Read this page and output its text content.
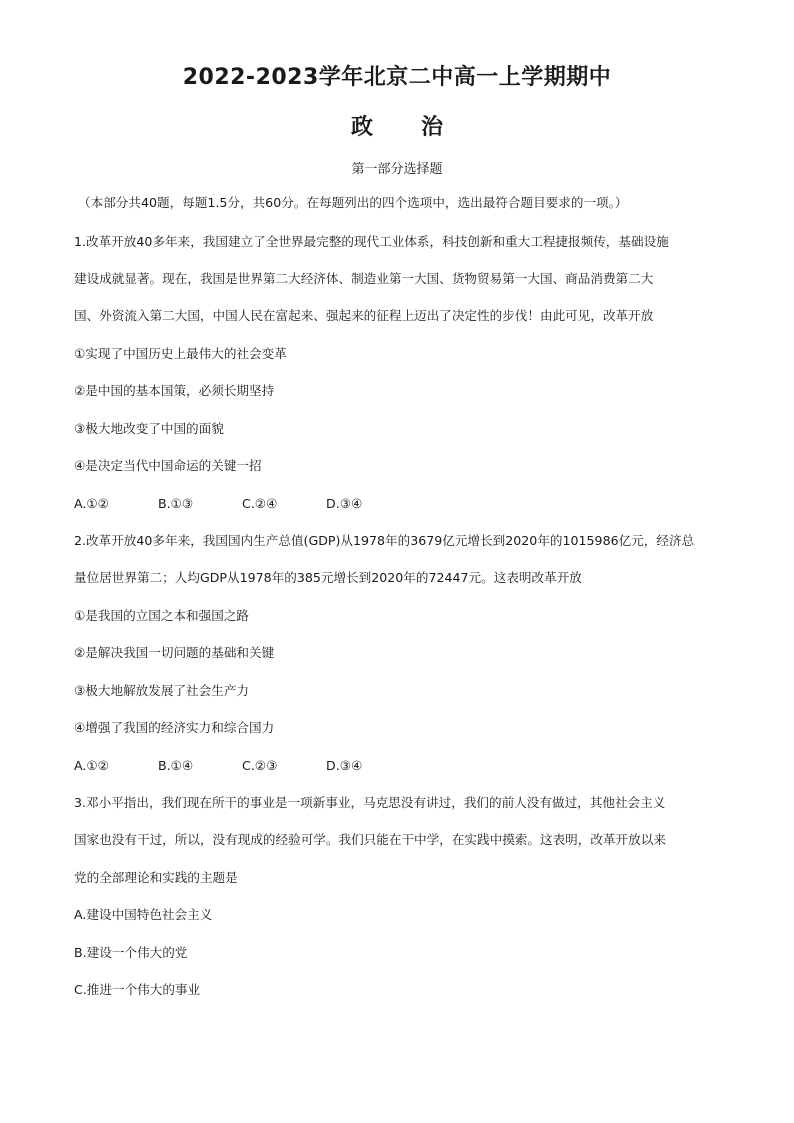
2022-2023学年北京二中高一上学期期中
政治
第一部分选择题
（本部分共40题，每题1.5分，共60分。在每题列出的四个选项中，选出最符合题目要求的一项。）
1.改革开放40多年来，我国建立了全世界最完整的现代工业体系，科技创新和重大工程捷报频传，基础设施
建设成就显著。现在，我国是世界第二大经济体、制造业第一大国、货物贸易第一大国、商品消费第二大
国、外资流入第二大国，中国人民在富起来、强起来的征程上迈出了决定性的步伐！由此可见，改革开放
①实现了中国历史上最伟大的社会变革
②是中国的基本国策，必须长期坚持
③极大地改变了中国的面貌
④是决定当代中国命运的关键一招
A.①②	B.①③	C.②④	D.③④
2.改革开放40多年来，我国国内生产总值(GDP)从1978年的3679亿元增长到2020年的1015986亿元，经济总
量位居世界第二；人均GDP从1978年的385元增长到2020年的72447元。这表明改革开放
①是我国的立国之本和强国之路
②是解决我国一切问题的基础和关键
③极大地解放发展了社会生产力
④增强了我国的经济实力和综合国力
A.①②	B.①④	C.②③	D.③④
3.邓小平指出，我们现在所干的事业是一项新事业，马克思没有讲过，我们的前人没有做过，其他社会主义
国家也没有干过，所以，没有现成的经验可学。我们只能在干中学，在实践中摸索。这表明，改革开放以来
党的全部理论和实践的主题是
A.建设中国特色社会主义
B.建设一个伟大的党
C.推进一个伟大的事业
